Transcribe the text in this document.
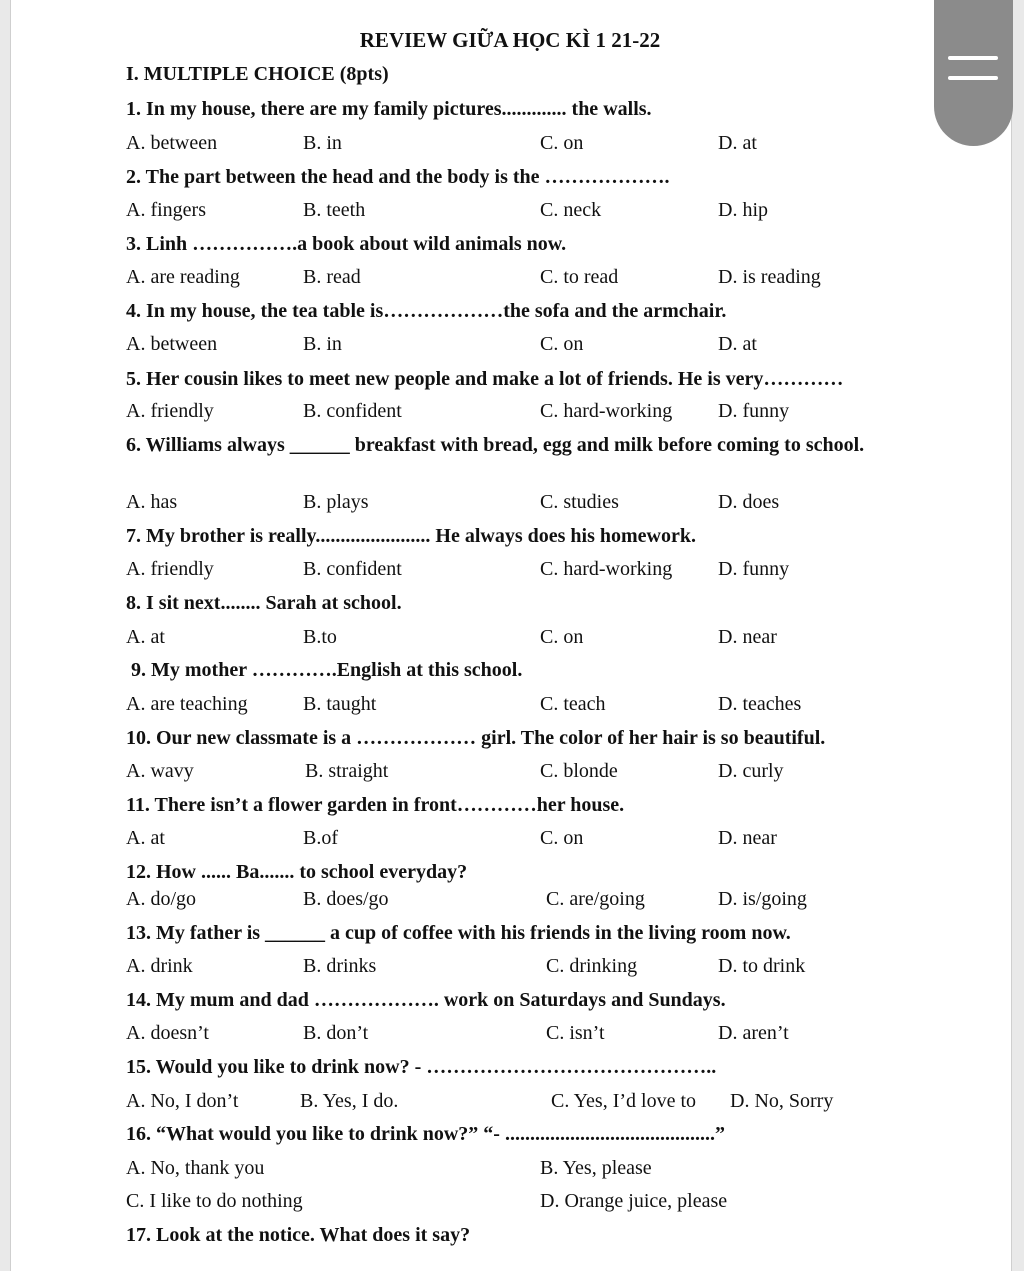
REVIEW GIỮA HỌC KÌ 1 21-22
I. MULTIPLE CHOICE (8pts)
1. In my house, there are my family pictures............. the walls.
A. between	B. in	C. on	D. at
2. The part between the head and the body is the ……………….
A. fingers	B. teeth	C. neck	D. hip
3. Linh …………….a book about wild animals now.
A. are reading	B. read	C. to read	D. is reading
4. In my house, the tea table is………………the sofa and the armchair.
A. between	B. in	C. on	D. at
5. Her cousin likes to meet new people and make a lot of friends. He is very…………
A. friendly	B. confident	C. hard-working D. funny
6. Williams always ______ breakfast with bread, egg and milk before coming to school.
A. has	B. plays	C. studies	D. does
7. My brother is really....................... He always does his homework.
A. friendly	B. confident	C. hard-working D. funny
8. I sit next........ Sarah at school.
A. at	B.to	C. on	D. near
9. My mother ………….English at this school.
A. are teaching	B. taught	C. teach	D. teaches
10. Our new classmate is a ……………… girl. The color of her hair is so beautiful.
A. wavy	B. straight	C. blonde	D. curly
11. There isn’t a flower garden in front…………her house.
A. at	B.of	C. on	D. near
12. How ...... Ba....... to school everyday?
A. do/go	B. does/go	C. are/going	D. is/going
13. My father is ______ a cup of coffee with his friends in the living room now.
A. drink	B. drinks	C. drinking	D. to drink
14. My mum and dad ………………. work on Saturdays and Sundays.
A. doesn’t	B. don’t	C. isn’t	D. aren’t
15. Would you like to drink now? - ……………………………………..
A. No, I don’t	B. Yes, I do.	C. Yes, I’d love to D. No, Sorry
16. “What would you like to drink now?” “- ..........................................”
A. No, thank you	B. Yes, please
C. I like to do nothing	D. Orange juice, please
17. Look at the notice. What does it say?
